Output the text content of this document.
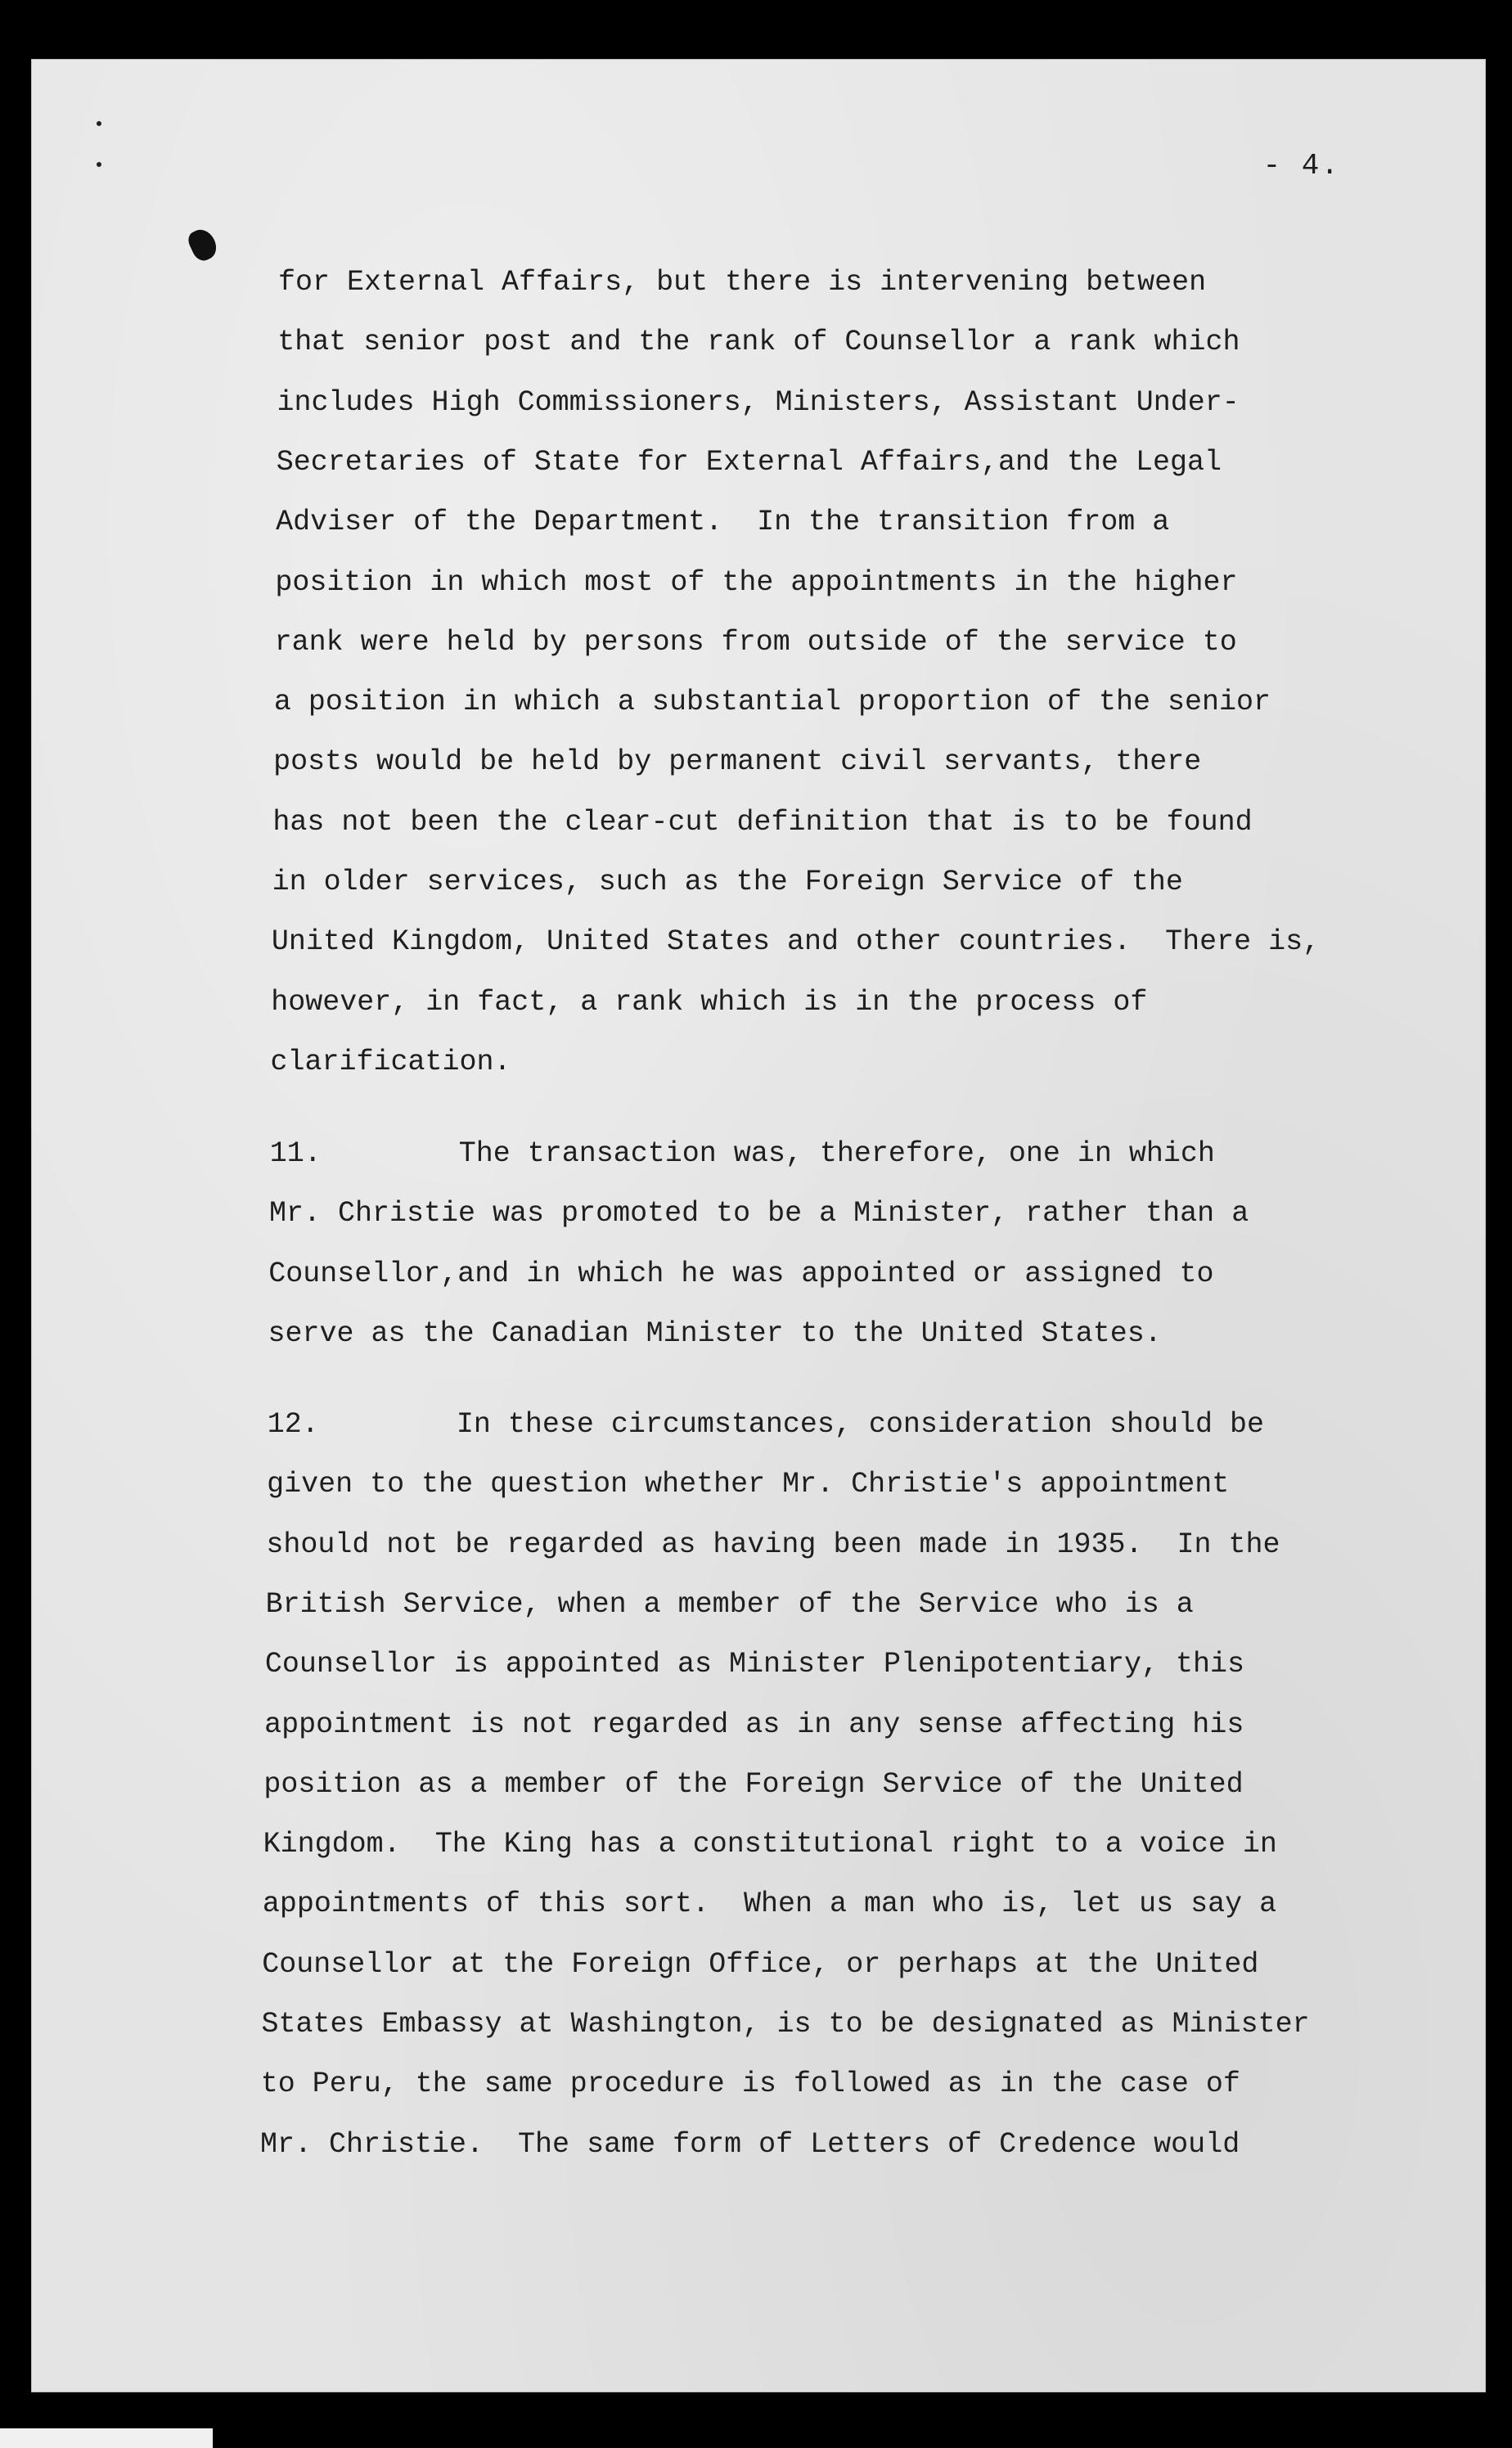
- 4.
for External Affairs, but there is intervening between
that senior post and the rank of Counsellor a rank which
includes High Commissioners, Ministers, Assistant Under-
Secretaries of State for External Affairs,and the Legal
Adviser of the Department.  In the transition from a
position in which most of the appointments in the higher
rank were held by persons from outside of the service to
a position in which a substantial proportion of the senior
posts would be held by permanent civil servants, there
has not been the clear-cut definition that is to be found
in older services, such as the Foreign Service of the
United Kingdom, United States and other countries.  There is,
however, in fact, a rank which is in the process of
clarification.
11.        The transaction was, therefore, one in which
Mr. Christie was promoted to be a Minister, rather than a
Counsellor,and in which he was appointed or assigned to
serve as the Canadian Minister to the United States.
12.        In these circumstances, consideration should be
given to the question whether Mr. Christie's appointment
should not be regarded as having been made in 1935.  In the
British Service, when a member of the Service who is a
Counsellor is appointed as Minister Plenipotentiary, this
appointment is not regarded as in any sense affecting his
position as a member of the Foreign Service of the United
Kingdom.  The King has a constitutional right to a voice in
appointments of this sort.  When a man who is, let us say a
Counsellor at the Foreign Office, or perhaps at the United
States Embassy at Washington, is to be designated as Minister
to Peru, the same procedure is followed as in the case of
Mr. Christie.  The same form of Letters of Credence would
